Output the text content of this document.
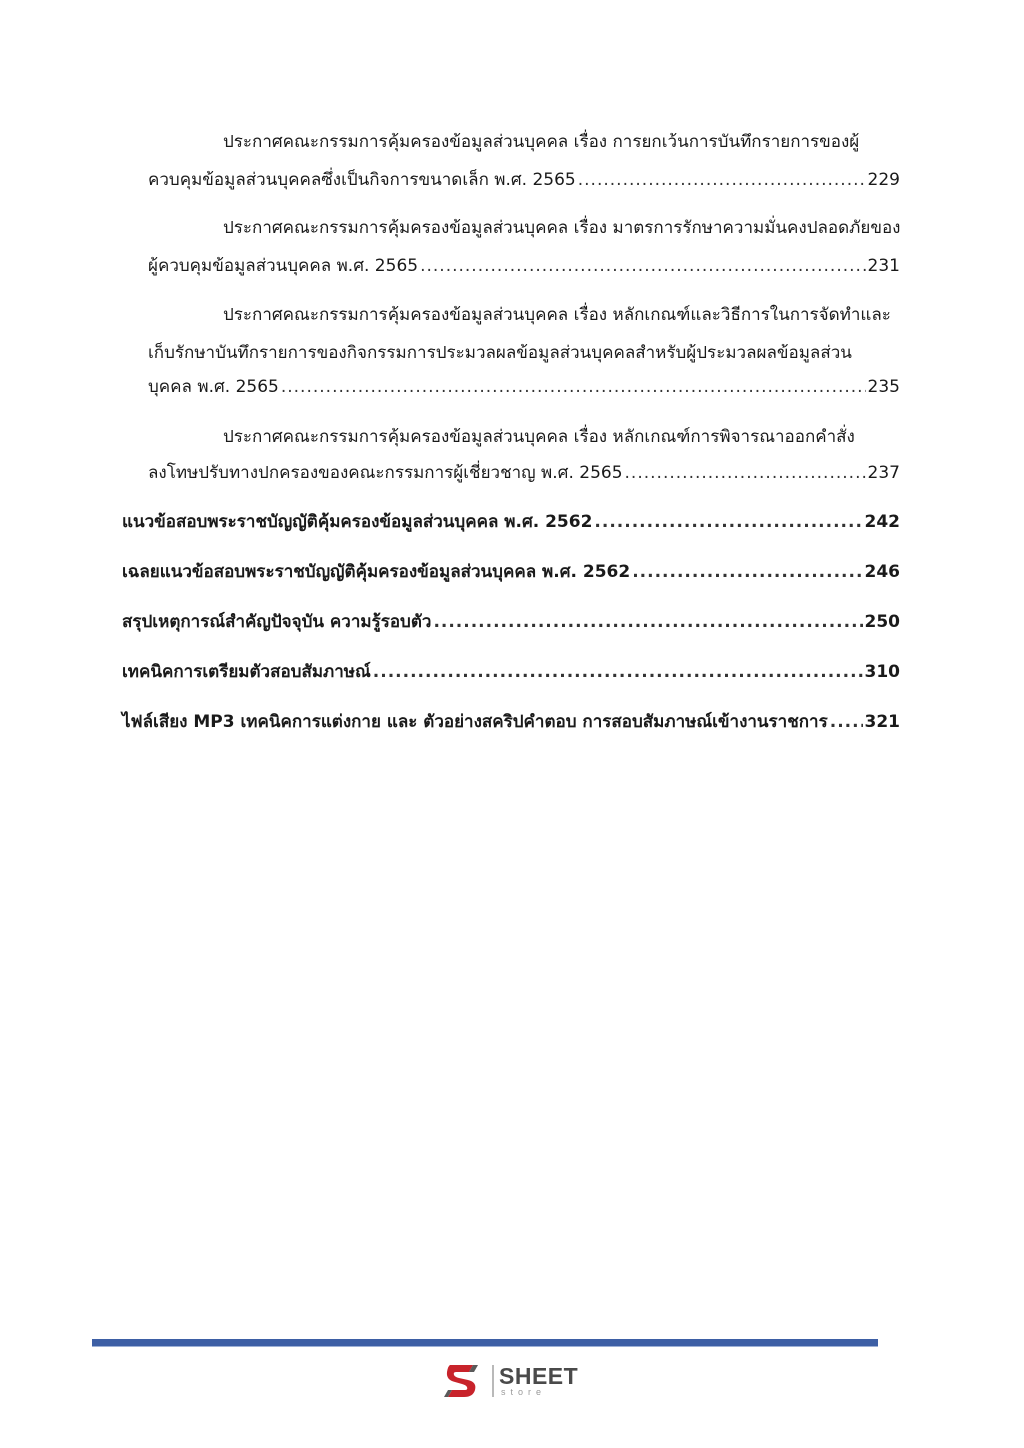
ประกาศคณะกรรมการคุ้มครองข้อมูลส่วนบุคคล เรื่อง การยกเว้นการบันทึกรายการของผู้
ควบคุมข้อมูลส่วนบุคคลซึ่งเป็นกิจการขนาดเล็ก พ.ศ. 2565 .....	229
ประกาศคณะกรรมการคุ้มครองข้อมูลส่วนบุคคล เรื่อง มาตรการรักษาความมั่นคงปลอดภัยของ
ผู้ควบคุมข้อมูลส่วนบุคคล พ.ศ. 2565 .....	231
ประกาศคณะกรรมการคุ้มครองข้อมูลส่วนบุคคล เรื่อง หลักเกณฑ์และวิธีการในการจัดทำและ
เก็บรักษาบันทึกรายการของกิจกรรมการประมวลผลข้อมูลส่วนบุคคลสำหรับผู้ประมวลผลข้อมูลส่วน
บุคคล พ.ศ. 2565 .....	235
ประกาศคณะกรรมการคุ้มครองข้อมูลส่วนบุคคล เรื่อง หลักเกณฑ์การพิจารณาออกคำสั่ง
ลงโทษปรับทางปกครองของคณะกรรมการผู้เชี่ยวชาญ พ.ศ. 2565 .....	237
แนวข้อสอบพระราชบัญญัติคุ้มครองข้อมูลส่วนบุคคล พ.ศ. 2562 .....	242
เฉลยแนวข้อสอบพระราชบัญญัติคุ้มครองข้อมูลส่วนบุคคล พ.ศ. 2562 .....	246
สรุปเหตุการณ์สำคัญปัจจุบัน ความรู้รอบตัว .....	250
เทคนิคการเตรียมตัวสอบสัมภาษณ์ .....	310
ไฟล์เสียง MP3 เทคนิคการแต่งกาย และ ตัวอย่างสคริปคำตอบ การสอบสัมภาษณ์เข้างานราชการ ..... 321
SHEET
store
